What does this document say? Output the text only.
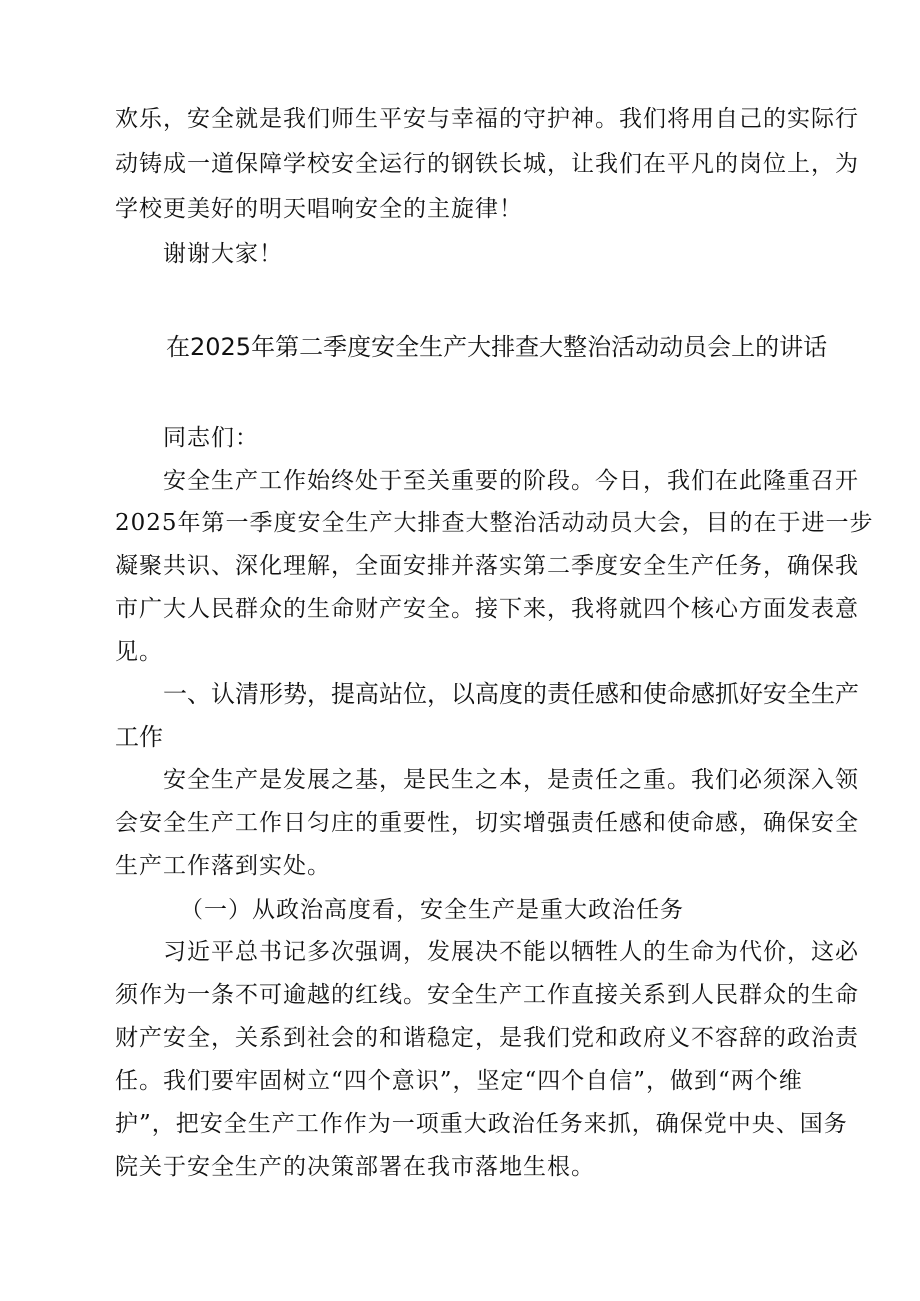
欢乐，安全就是我们师生平安与幸福的守护神。我们将用自己的实际行
动铸成一道保障学校安全运行的钢铁长城，让我们在平凡的岗位上，为
学校更美好的明天唱响安全的主旋律！
谢谢大家！
在2025年第二季度安全生产大排查大整治活动动员会上的讲话
同志们：
安全生产工作始终处于至关重要的阶段。今日，我们在此隆重召开
2025年第一季度安全生产大排查大整治活动动员大会，目的在于进一步
凝聚共识、深化理解，全面安排并落实第二季度安全生产任务，确保我
市广大人民群众的生命财产安全。接下来，我将就四个核心方面发表意
见。
一、认清形势，提高站位，以高度的责任感和使命感抓好安全生产
工作
安全生产是发展之基，是民生之本，是责任之重。我们必须深入领
会安全生产工作日匀庄的重要性，切实增强责任感和使命感，确保安全
生产工作落到实处。
（一）从政治高度看，安全生产是重大政治任务
习近平总书记多次强调，发展决不能以牺牲人的生命为代价，这必
须作为一条不可逾越的红线。安全生产工作直接关系到人民群众的生命
财产安全，关系到社会的和谐稳定，是我们党和政府义不容辞的政治责
任。我们要牢固树立“四个意识”，坚定“四个自信”，做到“两个维
护”，把安全生产工作作为一项重大政治任务来抓，确保党中央、国务
院关于安全生产的决策部署在我市落地生根。
